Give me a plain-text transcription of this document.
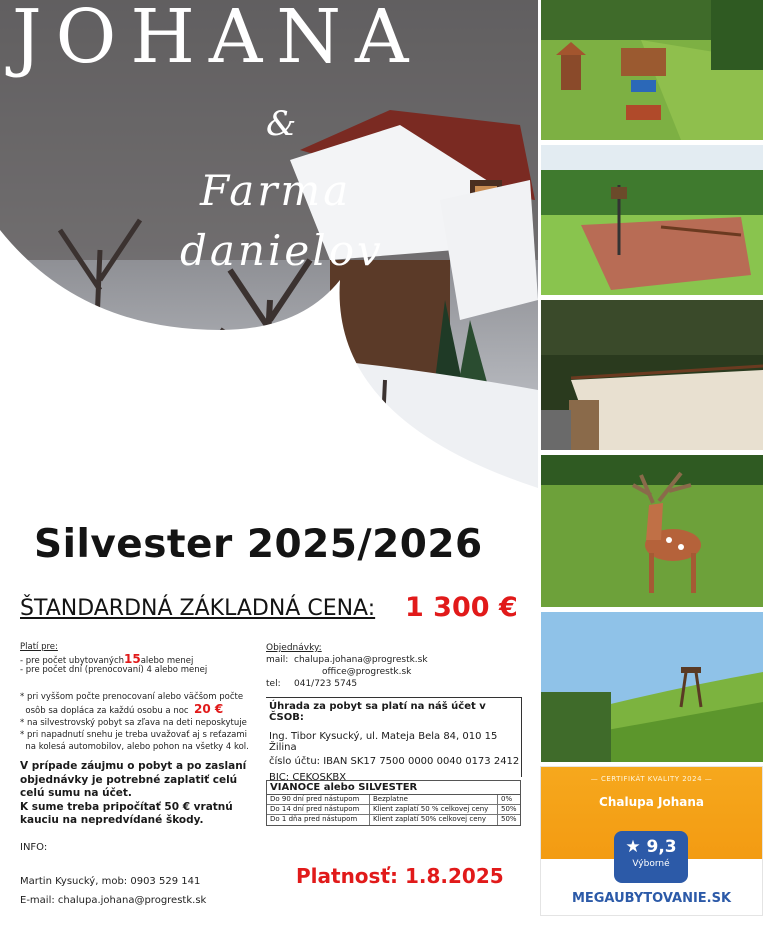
JOHANA
&
Farma
danielov
— CERTIFIKÁT KVALITY 2024 —
Chalupa Johana
★ 9,3
Výborné
MEGAUBYTOVANIE.SK
Silvester 2025/2026
ŠTANDARDNÁ ZÁKLADNÁ CENA: 1 300 €
Platí pre:
- pre počet ubytovaných15alebo menej
- pre počet dní (prenocovaní) 4 alebo menej

* pri vyššom počte prenocovaní alebo väčšom počte

osôb sa dopláca za každú osobu a noc 20 €

* na silvestrovský pobyt sa zľava na deti neposkytuje

* pri napadnutí snehu je treba uvažovať aj s reťazami

na kolesá automobilov, alebo pohon na všetky 4 kol.

V prípade záujmu o pobyt a po zaslaní
objednávky je potrebné zaplatiť celú
celú sumu na účet.
K sume treba pripočítať 50 € vratnú
kauciu na nepredvídané škody.
INFO:
Martin Kysucký, mob: 0903 529 141
E-mail: chalupa.johana@progrestk.sk
Objednávky:
mail: chalupa.johana@progrestk.sk
office@progrestk.sk
tel:	041/723 5745
Úhrada za pobyt sa platí na náš účet v ČSOB:
Ing. Tibor Kysucký, ul. Mateja Bela 84, 010 15 Žilina
číslo účtu: IBAN SK17 7500 0000 0040 0173 2412
BIC: CEKOSKBX
VIANOCE alebo SILVESTER
Do 90 dní pred nástupom	Bezplatne	0%
Do 14 dní pred nástupom	Klient zaplatí 50 % celkovej ceny	50%
Do 1 dňa pred nástupom	Klient zaplatí 50% celkovej ceny	50%
Platnosť: 1.8.2025
